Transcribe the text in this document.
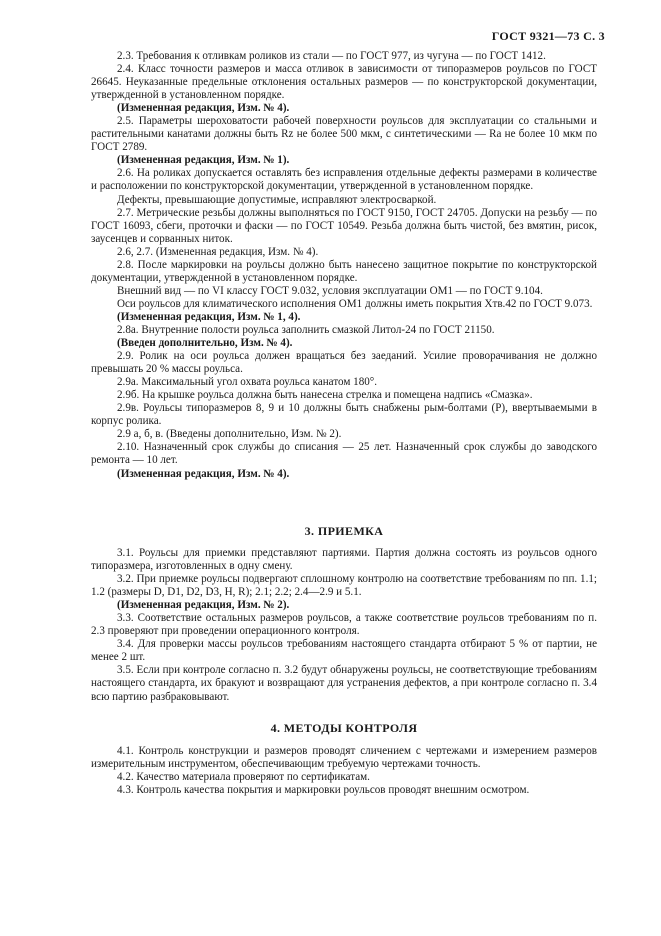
ГОСТ 9321—73 С. 3

2.3. Требования к отливкам роликов из стали — по ГОСТ 977, из чугуна — по ГОСТ 1412.

2.4. Класс точности размеров и масса отливок в зависимости от типоразмеров роульсов по ГОСТ 26645. Неуказанные предельные отклонения остальных размеров — по конструкторской документации, утвержденной в установленном порядке.

(Измененная редакция, Изм. № 4).

2.5. Параметры шероховатости рабочей поверхности роульсов для эксплуатации со стальными и растительными канатами должны быть Rz не более 500 мкм, с синтетическими — Ra не более 10 мкм по ГОСТ 2789.

(Измененная редакция, Изм. № 1).

2.6. На роликах допускается оставлять без исправления отдельные дефекты размерами в количестве и расположении по конструкторской документации, утвержденной в установленном порядке.

Дефекты, превышающие допустимые, исправляют электросваркой.

2.7. Метрические резьбы должны выполняться по ГОСТ 9150, ГОСТ 24705. Допуски на резьбу — по ГОСТ 16093, сбеги, проточки и фаски — по ГОСТ 10549. Резьба должна быть чистой, без вмятин, рисок, заусенцев и сорванных ниток.

2.6, 2.7. (Измененная редакция, Изм. № 4).

2.8. После маркировки на роульсы должно быть нанесено защитное покрытие по конструкторской документации, утвержденной в установленном порядке.

Внешний вид — по VI классу ГОСТ 9.032, условия эксплуатации ОМ1 — по ГОСТ 9.104.

Оси роульсов для климатического исполнения ОМ1 должны иметь покрытия Хтв.42 по ГОСТ 9.073.

(Измененная редакция, Изм. № 1, 4).

2.8а. Внутренние полости роульса заполнить смазкой Литол-24 по ГОСТ 21150.

(Введен дополнительно, Изм. № 4).

2.9. Ролик на оси роульса должен вращаться без заеданий. Усилие проворачивания не должно превышать 20 % массы роульса.

2.9а. Максимальный угол охвата роульса канатом 180°.

2.9б. На крышке роульса должна быть нанесена стрелка и помещена надпись «Смазка».

2.9в. Роульсы типоразмеров 8, 9 и 10 должны быть снабжены рым-болтами (P), ввертываемыми в корпус ролика.

2.9 а, б, в. (Введены дополнительно, Изм. № 2).

2.10. Назначенный срок службы до списания — 25 лет. Назначенный срок службы до заводского ремонта — 10 лет.

(Измененная редакция, Изм. № 4).

3. ПРИЕМКА

3.1. Роульсы для приемки представляют партиями. Партия должна состоять из роульсов одного типоразмера, изготовленных в одну смену.

3.2. При приемке роульсы подвергают сплошному контролю на соответствие требованиям по пп. 1.1; 1.2 (размеры D, D1, D2, D3, H, R); 2.1; 2.2; 2.4—2.9 и 5.1.

(Измененная редакция, Изм. № 2).

3.3. Соответствие остальных размеров роульсов, а также соответствие роульсов требованиям по п. 2.3 проверяют при проведении операционного контроля.

3.4. Для проверки массы роульсов требованиям настоящего стандарта отбирают 5 % от партии, не менее 2 шт.

3.5. Если при контроле согласно п. 3.2 будут обнаружены роульсы, не соответствующие требованиям настоящего стандарта, их бракуют и возвращают для устранения дефектов, а при контроле согласно п. 3.4 всю партию разбраковывают.

4. МЕТОДЫ КОНТРОЛЯ

4.1. Контроль конструкции и размеров проводят сличением с чертежами и измерением размеров измерительным инструментом, обеспечивающим требуемую чертежами точность.

4.2. Качество материала проверяют по сертификатам.

4.3. Контроль качества покрытия и маркировки роульсов проводят внешним осмотром.
